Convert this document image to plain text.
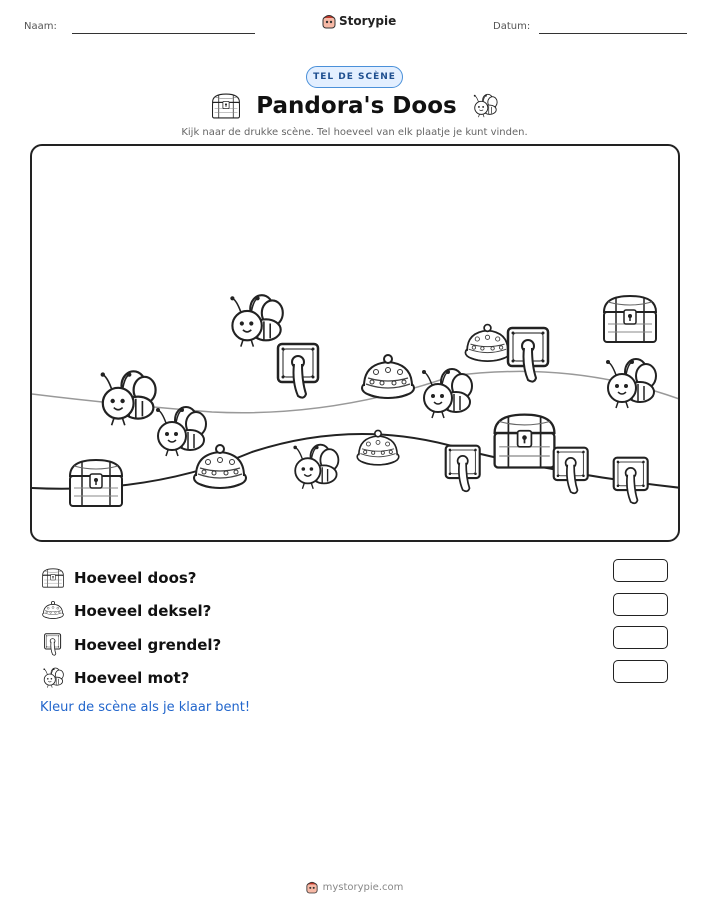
Naam:	Storypie	Datum:
TEL DE SCÈNE
Pandora's Doos
Kijk naar de drukke scène. Tel hoeveel van elk plaatje je kunt vinden.
Hoeveel doos?
Hoeveel deksel?
Hoeveel grendel?
Hoeveel mot?
Kleur de scène als je klaar bent!
mystorypie.com
